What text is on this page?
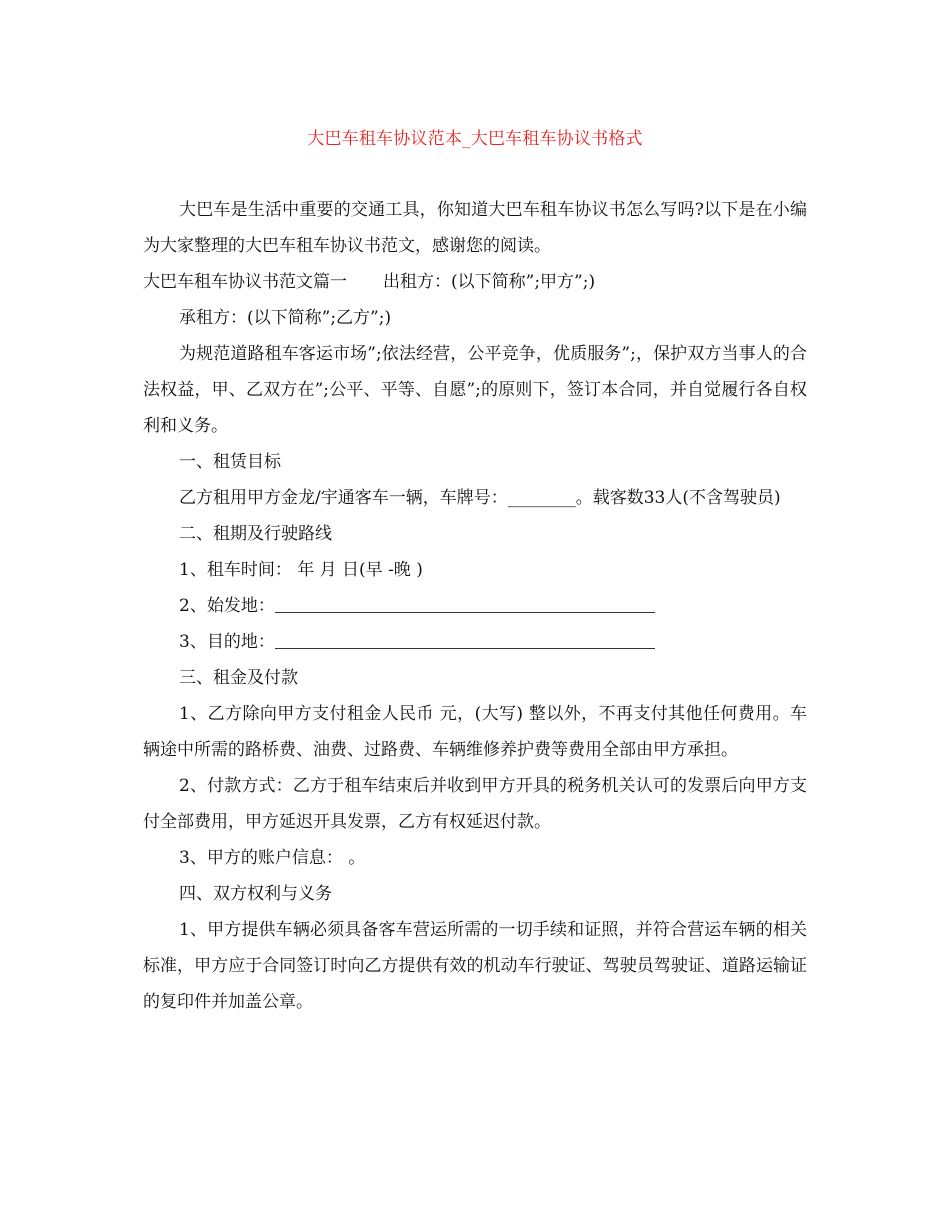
大巴车租车协议范本_大巴车租车协议书格式

大巴车是生活中重要的交通工具，你知道大巴车租车协议书怎么写吗?以下是在小编为大家整理的大巴车租车协议书范文，感谢您的阅读。

大巴车租车协议书范文篇一 出租方：(以下简称”;甲方”;)

承租方：(以下简称”;乙方”;)

为规范道路租车客运市场”;依法经营，公平竞争，优质服务”;，保护双方当事人的合法权益，甲、乙双方在”;公平、平等、自愿”;的原则下，签订本合同，并自觉履行各自权利和义务。

一、租赁目标

乙方租用甲方金龙/宇通客车一辆，车牌号：________。载客数33人(不含驾驶员)

二、租期及行驶路线

1、租车时间： 年 月 日(早 -晚 )

2、始发地：

3、目的地：

三、租金及付款

1、乙方除向甲方支付租金人民币 元，(大写) 整以外，不再支付其他任何费用。车辆途中所需的路桥费、油费、过路费、车辆维修养护费等费用全部由甲方承担。

2、付款方式：乙方于租车结束后并收到甲方开具的税务机关认可的发票后向甲方支付全部费用，甲方延迟开具发票，乙方有权延迟付款。

3、甲方的账户信息： 。

四、双方权利与义务

1、甲方提供车辆必须具备客车营运所需的一切手续和证照，并符合营运车辆的相关标准，甲方应于合同签订时向乙方提供有效的机动车行驶证、驾驶员驾驶证、道路运输证的复印件并加盖公章。
